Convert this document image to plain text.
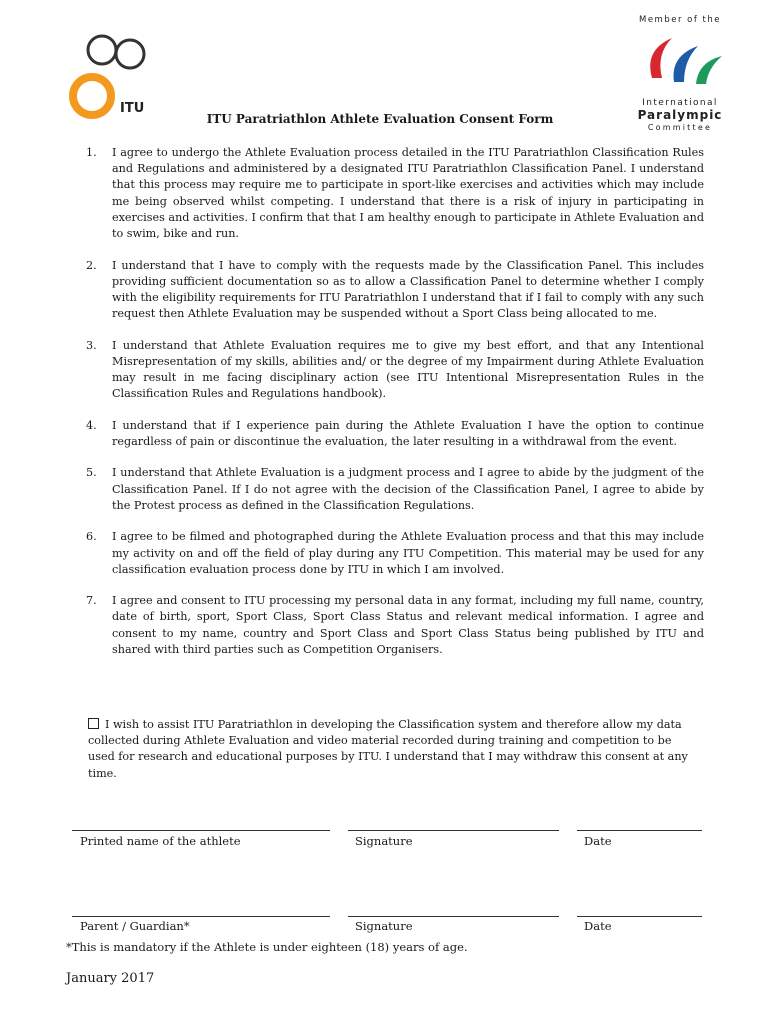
ITU
Member of the
International
Paralympic
Committee
ITU Paratriathlon Athlete Evaluation Consent Form
1. I agree to undergo the Athlete Evaluation process detailed in the ITU Paratriathlon Classification Rules and Regulations and administered by a designated ITU Paratriathlon Classification Panel. I understand that this process may require me to participate in sport-like exercises and activities which may include me being observed whilst competing. I understand that there is a risk of injury in participating in exercises and activities. I confirm that that I am healthy enough to participate in Athlete Evaluation and to swim, bike and run.
2. I understand that I have to comply with the requests made by the Classification Panel. This includes providing sufficient documentation so as to allow a Classification Panel to determine whether I comply with the eligibility requirements for ITU Paratriathlon I understand that if I fail to comply with any such request then Athlete Evaluation may be suspended without a Sport Class being allocated to me.
3. I understand that Athlete Evaluation requires me to give my best effort, and that any Intentional Misrepresentation of my skills, abilities and/ or the degree of my Impairment during Athlete Evaluation may result in me facing disciplinary action (see ITU Intentional Misrepresentation Rules in the Classification Rules and Regulations handbook).
4. I understand that if I experience pain during the Athlete Evaluation I have the option to continue regardless of pain or discontinue the evaluation, the later resulting in a withdrawal from the event.
5. I understand that Athlete Evaluation is a judgment process and I agree to abide by the judgment of the Classification Panel. If I do not agree with the decision of the Classification Panel, I agree to abide by the Protest process as defined in the Classification Regulations.
6. I agree to be filmed and photographed during the Athlete Evaluation process and that this may include my activity on and off the field of play during any ITU Competition. This material may be used for any classification evaluation process done by ITU in which I am involved.
7. I agree and consent to ITU processing my personal data in any format, including my full name, country, date of birth, sport, Sport Class, Sport Class Status and relevant medical information. I agree and consent to my name, country and Sport Class and Sport Class Status being published by ITU and shared with third parties such as Competition Organisers.
I wish to assist ITU Paratriathlon in developing the Classification system and therefore allow my data collected during Athlete Evaluation and video material recorded during training and competition to be used for research and educational purposes by ITU. I understand that I may withdraw this consent at any time.
Printed name of the athlete	Signature	Date
Parent / Guardian*	Signature	Date
*This is mandatory if the Athlete is under eighteen (18) years of age.
January 2017
